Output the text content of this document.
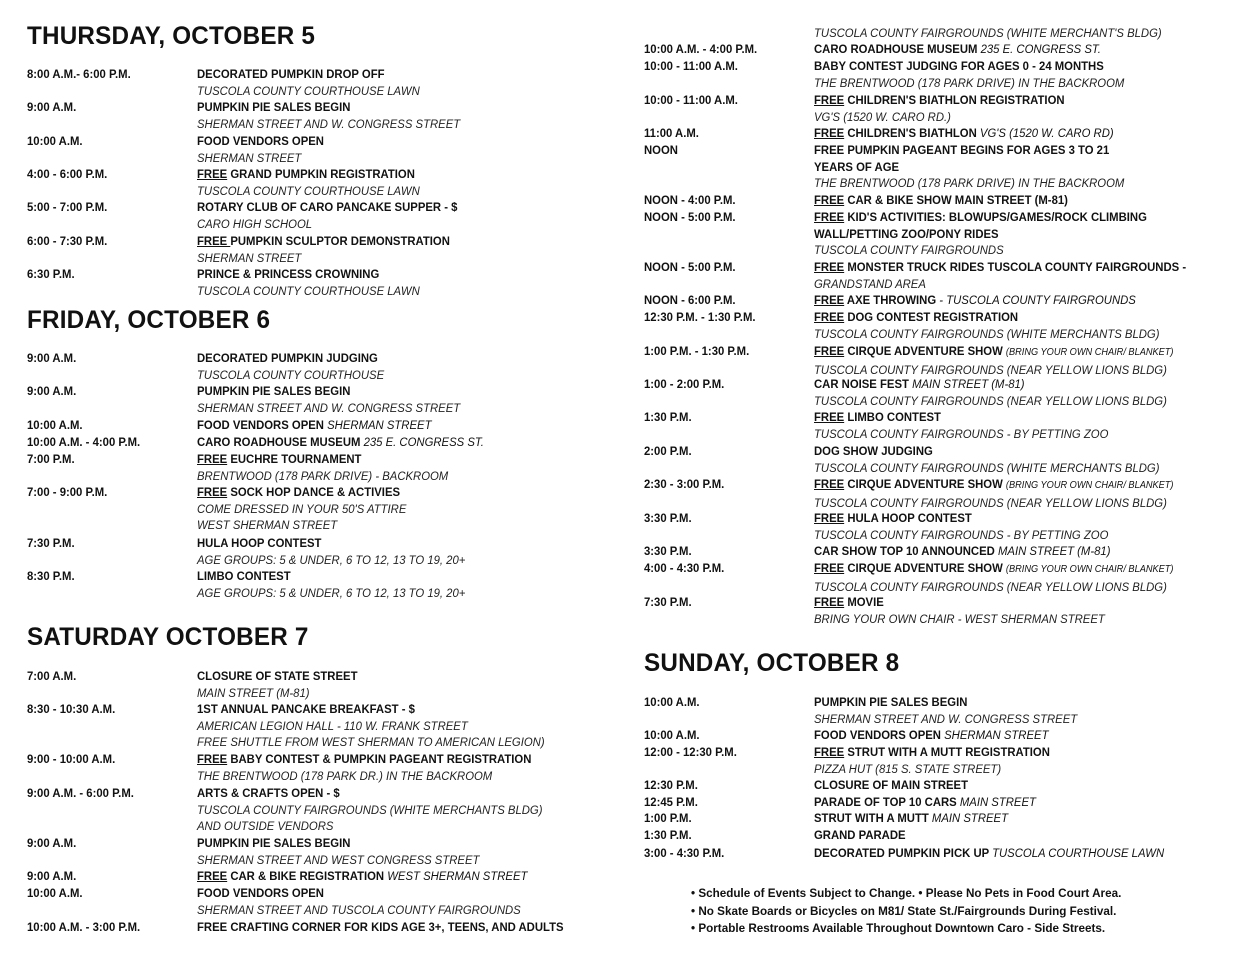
THURSDAY, OCTOBER 5
8:00 A.M.- 6:00 P.M.	DECORATED PUMPKIN DROP OFF
TUSCOLA COUNTY COURTHOUSE LAWN
9:00 A.M.	PUMPKIN PIE SALES BEGIN
SHERMAN STREET AND W. CONGRESS STREET
10:00 A.M.	FOOD VENDORS OPEN
SHERMAN STREET
4:00 - 6:00 P.M.	FREE GRAND PUMPKIN REGISTRATION
TUSCOLA COUNTY COURTHOUSE LAWN
5:00 - 7:00 P.M.	ROTARY CLUB OF CARO PANCAKE SUPPER - $
CARO HIGH SCHOOL
6:00 - 7:30 P.M.	FREE PUMPKIN SCULPTOR DEMONSTRATION
SHERMAN STREET
6:30 P.M.	PRINCE & PRINCESS CROWNING
TUSCOLA COUNTY COURTHOUSE LAWN
FRIDAY, OCTOBER 6
9:00 A.M.	DECORATED PUMPKIN JUDGING
TUSCOLA COUNTY COURTHOUSE
9:00 A.M.	PUMPKIN PIE SALES BEGIN
SHERMAN STREET AND W. CONGRESS STREET
10:00 A.M.	FOOD VENDORS OPEN SHERMAN STREET
10:00 A.M. - 4:00 P.M.	CARO ROADHOUSE MUSEUM 235 E. CONGRESS ST.
7:00 P.M.	FREE EUCHRE TOURNAMENT
BRENTWOOD (178 PARK DRIVE) - BACKROOM
7:00 - 9:00 P.M.	FREE SOCK HOP DANCE & ACTIVIES
COME DRESSED IN YOUR 50'S ATTIRE
WEST SHERMAN STREET
7:30 P.M.	HULA HOOP CONTEST
AGE GROUPS: 5 & UNDER, 6 TO 12, 13 TO 19, 20+
8:30 P.M.	LIMBO CONTEST
AGE GROUPS: 5 & UNDER, 6 TO 12, 13 TO 19, 20+
SATURDAY OCTOBER 7
7:00 A.M.	CLOSURE OF STATE STREET
MAIN STREET (M-81)
8:30 - 10:30 A.M.	1ST ANNUAL PANCAKE BREAKFAST - $
AMERICAN LEGION HALL - 110 W. FRANK STREET
FREE SHUTTLE FROM WEST SHERMAN TO AMERICAN LEGION)
9:00 - 10:00 A.M.	FREE BABY CONTEST & PUMPKIN PAGEANT REGISTRATION
THE BRENTWOOD (178 PARK DR.) IN THE BACKROOM
9:00 A.M. - 6:00 P.M.	ARTS & CRAFTS OPEN - $
TUSCOLA COUNTY FAIRGROUNDS (WHITE MERCHANTS BLDG)
AND OUTSIDE VENDORS
9:00 A.M.	PUMPKIN PIE SALES BEGIN
SHERMAN STREET AND WEST CONGRESS STREET
9:00 A.M.	FREE CAR & BIKE REGISTRATION WEST SHERMAN STREET
10:00 A.M.	FOOD VENDORS OPEN
SHERMAN STREET AND TUSCOLA COUNTY FAIRGROUNDS
10:00 A.M. - 3:00 P.M.	FREE CRAFTING CORNER FOR KIDS AGE 3+, TEENS, AND ADULTS
TUSCOLA COUNTY FAIRGROUNDS (WHITE MERCHANT'S BLDG)
10:00 A.M. - 4:00 P.M.	CARO ROADHOUSE MUSEUM 235 E. CONGRESS ST.
10:00 - 11:00 A.M.	BABY CONTEST JUDGING FOR AGES 0 - 24 MONTHS
THE BRENTWOOD (178 PARK DRIVE) IN THE BACKROOM
10:00 - 11:00 A.M.	FREE CHILDREN'S BIATHLON REGISTRATION
VG'S (1520 W. CARO RD.)
11:00 A.M.	FREE CHILDREN'S BIATHLON VG'S (1520 W. CARO RD)
NOON	FREE PUMPKIN PAGEANT BEGINS FOR AGES 3 TO 21
YEARS OF AGE
THE BRENTWOOD (178 PARK DRIVE) IN THE BACKROOM
NOON - 4:00 P.M.	FREE CAR & BIKE SHOW MAIN STREET (M-81)
NOON - 5:00 P.M.	FREE KID'S ACTIVITIES: BLOWUPS/GAMES/ROCK CLIMBING
WALL/PETTING ZOO/PONY RIDES
TUSCOLA COUNTY FAIRGROUNDS
NOON - 5:00 P.M.	FREE MONSTER TRUCK RIDES TUSCOLA COUNTY FAIRGROUNDS -
GRANDSTAND AREA
NOON - 6:00 P.M.	FREE AXE THROWING - TUSCOLA COUNTY FAIRGROUNDS
12:30 P.M. - 1:30 P.M.	FREE DOG CONTEST REGISTRATION
TUSCOLA COUNTY FAIRGROUNDS (WHITE MERCHANTS BLDG)
1:00 P.M. - 1:30 P.M.	FREE CIRQUE ADVENTURE SHOW (BRING YOUR OWN CHAIR/ BLANKET)
TUSCOLA COUNTY FAIRGROUNDS (NEAR YELLOW LIONS BLDG)
1:00 - 2:00 P.M.	CAR NOISE FEST MAIN STREET (M-81)
TUSCOLA COUNTY FAIRGROUNDS (NEAR YELLOW LIONS BLDG)
1:30 P.M.	FREE LIMBO CONTEST
TUSCOLA COUNTY FAIRGROUNDS - BY PETTING ZOO
2:00 P.M.	DOG SHOW JUDGING
TUSCOLA COUNTY FAIRGROUNDS (WHITE MERCHANTS BLDG)
2:30 - 3:00 P.M.	FREE CIRQUE ADVENTURE SHOW (BRING YOUR OWN CHAIR/ BLANKET)
TUSCOLA COUNTY FAIRGROUNDS (NEAR YELLOW LIONS BLDG)
3:30 P.M.	FREE HULA HOOP CONTEST
TUSCOLA COUNTY FAIRGROUNDS - BY PETTING ZOO
3:30 P.M.	CAR SHOW TOP 10 ANNOUNCED MAIN STREET (M-81)
4:00 - 4:30 P.M.	FREE CIRQUE ADVENTURE SHOW (BRING YOUR OWN CHAIR/ BLANKET)
TUSCOLA COUNTY FAIRGROUNDS (NEAR YELLOW LIONS BLDG)
7:30 P.M.	FREE MOVIE
BRING YOUR OWN CHAIR - WEST SHERMAN STREET
SUNDAY, OCTOBER 8
10:00 A.M.	PUMPKIN PIE SALES BEGIN
SHERMAN STREET AND W. CONGRESS STREET
10:00 A.M.	FOOD VENDORS OPEN SHERMAN STREET
12:00 - 12:30 P.M.	FREE STRUT WITH A MUTT REGISTRATION
PIZZA HUT (815 S. STATE STREET)
12:30 P.M.	CLOSURE OF MAIN STREET
12:45 P.M.	PARADE OF TOP 10 CARS MAIN STREET
1:00 P.M.	STRUT WITH A MUTT MAIN STREET
1:30 P.M.	GRAND PARADE
3:00 - 4:30 P.M.	DECORATED PUMPKIN PICK UP TUSCOLA COURTHOUSE LAWN
• Schedule of Events Subject to Change. • Please No Pets in Food Court Area.
• No Skate Boards or Bicycles on M81/ State St./Fairgrounds During Festival.
• Portable Restrooms Available Throughout Downtown Caro - Side Streets.
